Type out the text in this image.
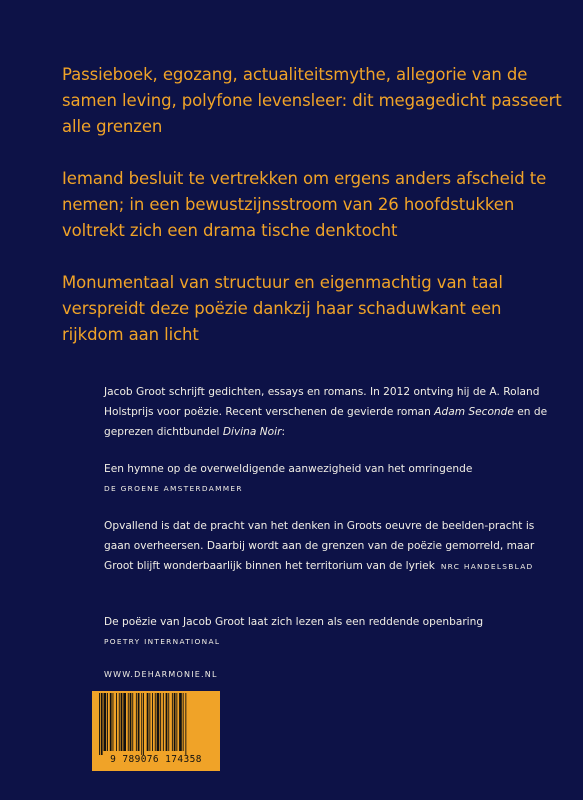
Passieboek, egozang, actualiteitsmythe, allegorie van de samen leving, polyfone levensleer: dit megagedicht passeert alle grenzen
Iemand besluit te vertrekken om ergens anders afscheid te nemen; in een bewustzijnsstroom van 26 hoofdstukken voltrekt zich een drama tische denktocht
Monumentaal van structuur en eigenmachtig van taal verspreidt deze poëzie dankzij haar schaduwkant een rijkdom aan licht
Jacob Groot schrijft gedichten, essays en romans. In 2012 ontving hij de A. Roland Holstprijs voor poëzie. Recent verschenen de gevierde roman Adam Seconde en de geprezen dichtbundel Divina Noir:
Een hymne op de overweldigende aanwezigheid van het omringende
DE GROENE AMSTERDAMMER
Opvallend is dat de pracht van het denken in Groots oeuvre de beelden-pracht is gaan overheersen. Daarbij wordt aan de grenzen van de poëzie gemorreld, maar Groot blijft wonderbaarlijk binnen het territorium van de lyriek NRC HANDELSBLAD
De poëzie van Jacob Groot laat zich lezen als een reddende openbaring
POETRY INTERNATIONAL
WWW.DEHARMONIE.NL
9 789076 174358
